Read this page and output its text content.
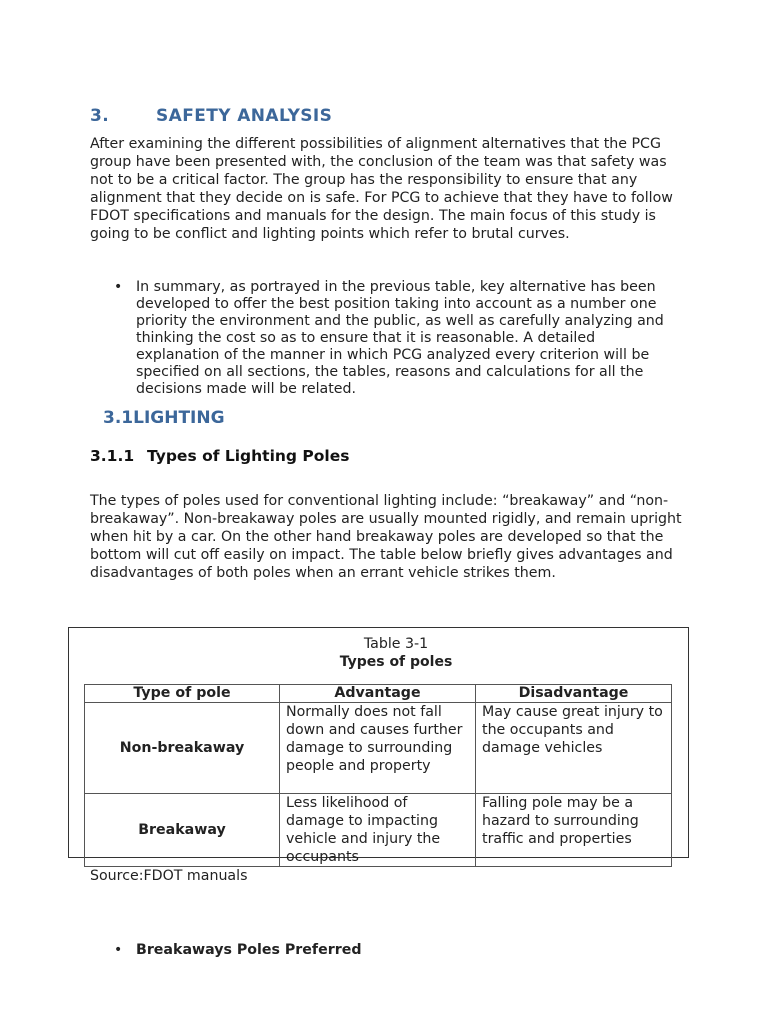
3.	SAFETY ANALYSIS

After examining the different possibilities of alignment alternatives that the PCG group have been presented with, the conclusion of the team was that safety was not to be a critical factor. The group has the responsibility to ensure that any alignment that they decide on is safe. For PCG to achieve that they have to follow FDOT specifications and manuals for the design. The main focus of this study is going to be conflict and lighting points which refer to brutal curves.

• In summary, as portrayed in the previous table, key alternative has been developed to offer the best position taking into account as a number one priority the environment and the public, as well as carefully analyzing and thinking the cost so as to ensure that it is reasonable. A detailed explanation of the manner in which PCG analyzed every criterion will be specified on all sections, the tables, reasons and calculations for all the decisions made will be related.
3.1LIGHTING
3.1.1 Types of Lighting Poles

The types of poles used for conventional lighting include: “breakaway” and “non-breakaway”. Non-breakaway poles are usually mounted rigidly, and remain upright when hit by a car. On the other hand breakaway poles are developed so that the bottom will cut off easily on impact. The table below briefly gives advantages and disadvantages of both poles when an errant vehicle strikes them.

Table 3-1
Types of poles
Type of pole	Advantage	Disadvantage
Non-breakaway	Normally does not fall down and causes further damage to surrounding people and property	May cause great injury to the occupants and damage vehicles
Breakaway	Less likelihood of damage to impacting vehicle and injury the occupants	Falling pole may be a hazard to surrounding traffic and properties
Source:FDOT manuals
• Breakaways Poles Preferred
